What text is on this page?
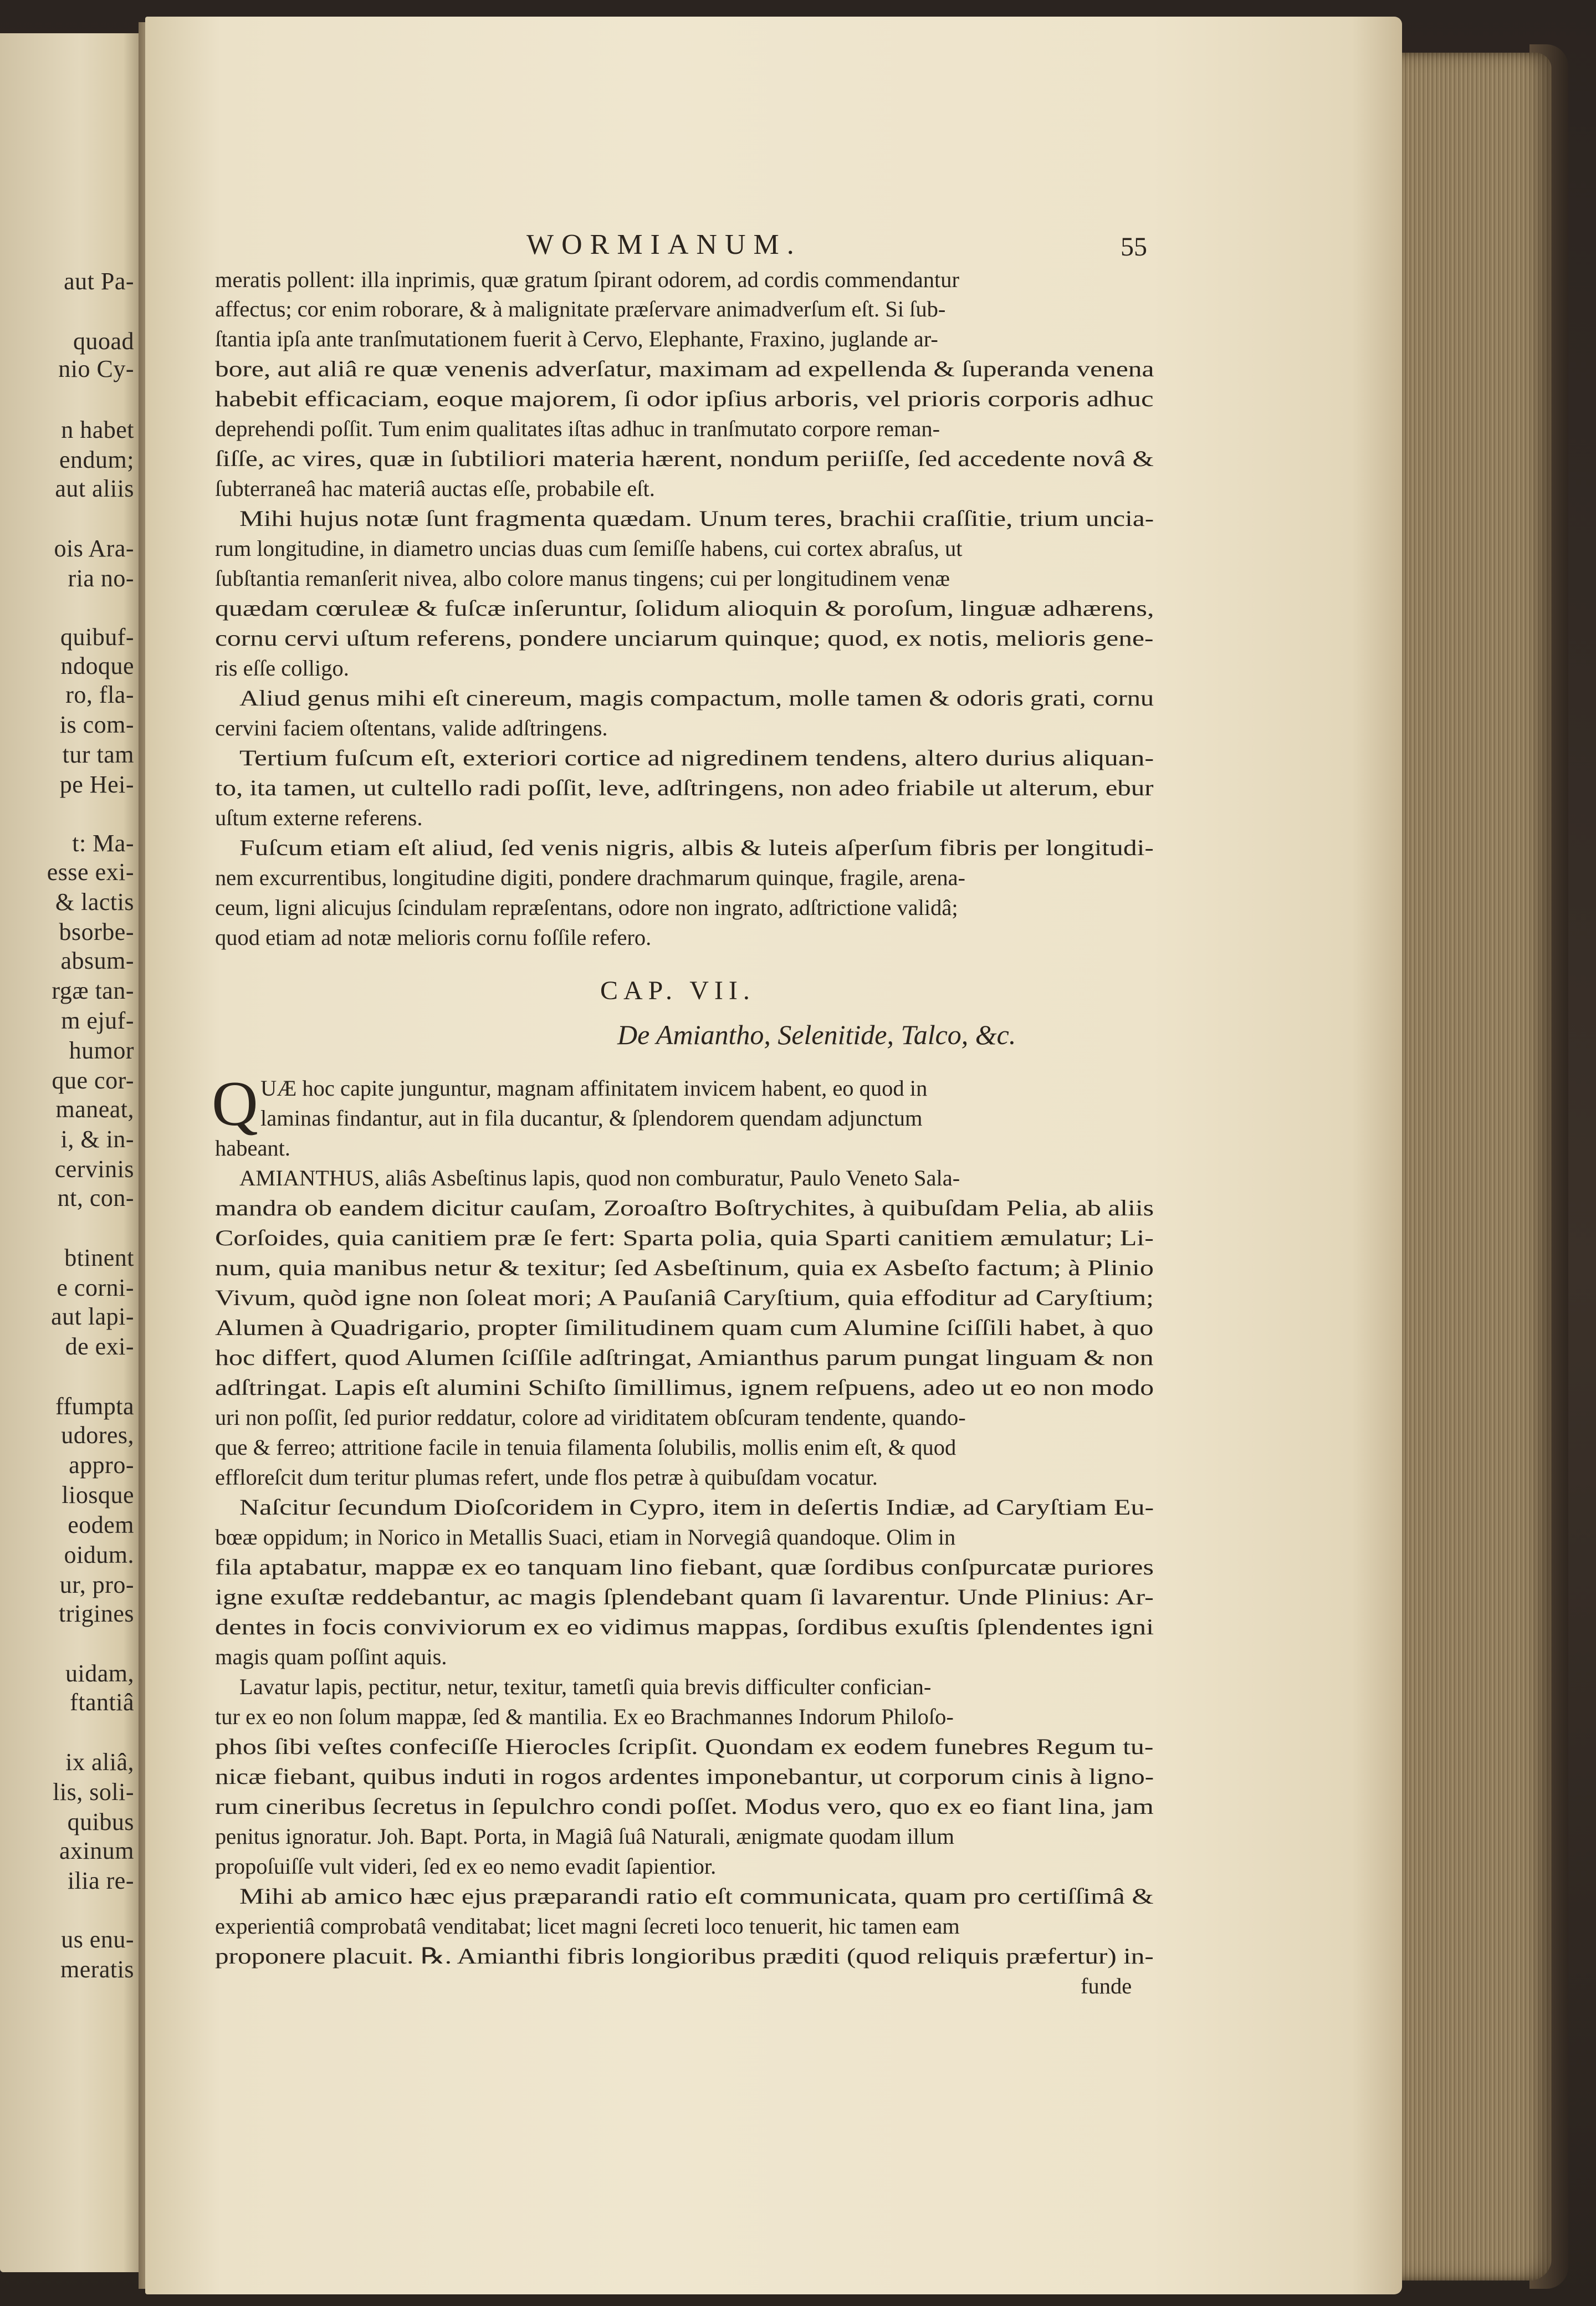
aut Pa-
quoad
nio Cy-
n habet
endum;
aut aliis
ois Ara-
ria no-
quibuf-
ndoque
ro, fla-
is com-
tur tam
pe Hei-
t: Ma-
esse exi-
& lactis
bsorbe-
absum-
rgæ tan-
m ejuf-
humor
que cor-
maneat,
i, & in-
cervinis
nt, con-
btinent
e corni-
aut lapi-
de exi-
ffumpta
udores,
appro-
liosque
eodem
oidum.
ur, pro-
trigines
uidam,
ftantiâ
ix aliâ,
lis, soli-
quibus
axinum
ilia re-
us enu-
meratis
WORMIANUM.	55
CAP. VII.
De Amiantho, Selenitide, Talco, &c.
Q
meratis pollent: illa inprimis, quæ gratum ſpirant odorem, ad cordis commendantur
affectus; cor enim roborare, & à malignitate præſervare animadverſum eſt. Si ſub-
ſtantia ipſa ante tranſmutationem fuerit à Cervo, Elephante, Fraxino, juglande ar-
bore, aut aliâ re quæ venenis adverſatur, maximam ad expellenda & ſuperanda venena
habebit efficaciam, eoque majorem, ſi odor ipſius arboris, vel prioris corporis adhuc
deprehendi poſſit. Tum enim qualitates iſtas adhuc in tranſmutato corpore reman-
ſiſſe, ac vires, quæ in ſubtiliori materia hærent, nondum periiſſe, ſed accedente novâ &
ſubterraneâ hac materiâ auctas eſſe, probabile eſt.
Mihi hujus notæ ſunt fragmenta quædam. Unum teres, brachii craſſitie, trium uncia-
rum longitudine, in diametro uncias duas cum ſemiſſe habens, cui cortex abraſus, ut
ſubſtantia remanſerit nivea, albo colore manus tingens; cui per longitudinem venæ
quædam cœruleæ & fuſcæ inſeruntur, ſolidum alioquin & poroſum, linguæ adhærens,
cornu cervi uſtum referens, pondere unciarum quinque; quod, ex notis, melioris gene-
ris eſſe colligo.
Aliud genus mihi eſt cinereum, magis compactum, molle tamen & odoris grati, cornu
cervini faciem oſtentans, valide adſtringens.
Tertium fuſcum eſt, exteriori cortice ad nigredinem tendens, altero durius aliquan-
to, ita tamen, ut cultello radi poſſit, leve, adſtringens, non adeo friabile ut alterum, ebur
uſtum externe referens.
Fuſcum etiam eſt aliud, ſed venis nigris, albis & luteis aſperſum fibris per longitudi-
nem excurrentibus, longitudine digiti, pondere drachmarum quinque, fragile, arena-
ceum, ligni alicujus ſcindulam repræſentans, odore non ingrato, adſtrictione validâ;
quod etiam ad notæ melioris cornu foſſile refero.
UÆ hoc capite junguntur, magnam affinitatem invicem habent, eo quod in
laminas findantur, aut in fila ducantur, & ſplendorem quendam adjunctum
habeant.
AMIANTHUS, aliâs Asbeſtinus lapis, quod non comburatur, Paulo Veneto Sala-
mandra ob eandem dicitur cauſam, Zoroaſtro Boſtrychites, à quibuſdam Pelia, ab aliis
Corſoides, quia canitiem præ ſe fert: Sparta polia, quia Sparti canitiem æmulatur; Li-
num, quia manibus netur & texitur; ſed Asbeſtinum, quia ex Asbeſto factum; à Plinio
Vivum, quòd igne non ſoleat mori; A Pauſaniâ Caryſtium, quia effoditur ad Caryſtium;
Alumen à Quadrigario, propter ſimilitudinem quam cum Alumine ſciſſili habet, à quo
hoc differt, quod Alumen ſciſſile adſtringat, Amianthus parum pungat linguam & non
adſtringat. Lapis eſt alumini Schiſto ſimillimus, ignem reſpuens, adeo ut eo non modo
uri non poſſit, ſed purior reddatur, colore ad viriditatem obſcuram tendente, quando-
que & ferreo; attritione facile in tenuia filamenta ſolubilis, mollis enim eſt, & quod
effloreſcit dum teritur plumas refert, unde flos petræ à quibuſdam vocatur.
Naſcitur ſecundum Dioſcoridem in Cypro, item in deſertis Indiæ, ad Caryſtiam Eu-
bœæ oppidum; in Norico in Metallis Suaci, etiam in Norvegiâ quandoque. Olim in
fila aptabatur, mappæ ex eo tanquam lino fiebant, quæ ſordibus conſpurcatæ puriores
igne exuſtæ reddebantur, ac magis ſplendebant quam ſi lavarentur. Unde Plinius: Ar-
dentes in focis conviviorum ex eo vidimus mappas, ſordibus exuſtis ſplendentes igni
magis quam poſſint aquis.
Lavatur lapis, pectitur, netur, texitur, tametſi quia brevis difficulter confician-
tur ex eo non ſolum mappæ, ſed & mantilia. Ex eo Brachmannes Indorum Philoſo-
phos ſibi veſtes confeciſſe Hierocles ſcripſit. Quondam ex eodem funebres Regum tu-
nicæ fiebant, quibus induti in rogos ardentes imponebantur, ut corporum cinis à ligno-
rum cineribus ſecretus in ſepulchro condi poſſet. Modus vero, quo ex eo fiant lina, jam
penitus ignoratur. Joh. Bapt. Porta, in Magiâ ſuâ Naturali, ænigmate quodam illum
propoſuiſſe vult videri, ſed ex eo nemo evadit ſapientior.
Mihi ab amico hæc ejus præparandi ratio eſt communicata, quam pro certiſſimâ &
experientiâ comprobatâ venditabat; licet magni ſecreti loco tenuerit, hic tamen eam
proponere placuit. ℞. Amianthi fibris longioribus præditi (quod reliquis præfertur) in-
funde
